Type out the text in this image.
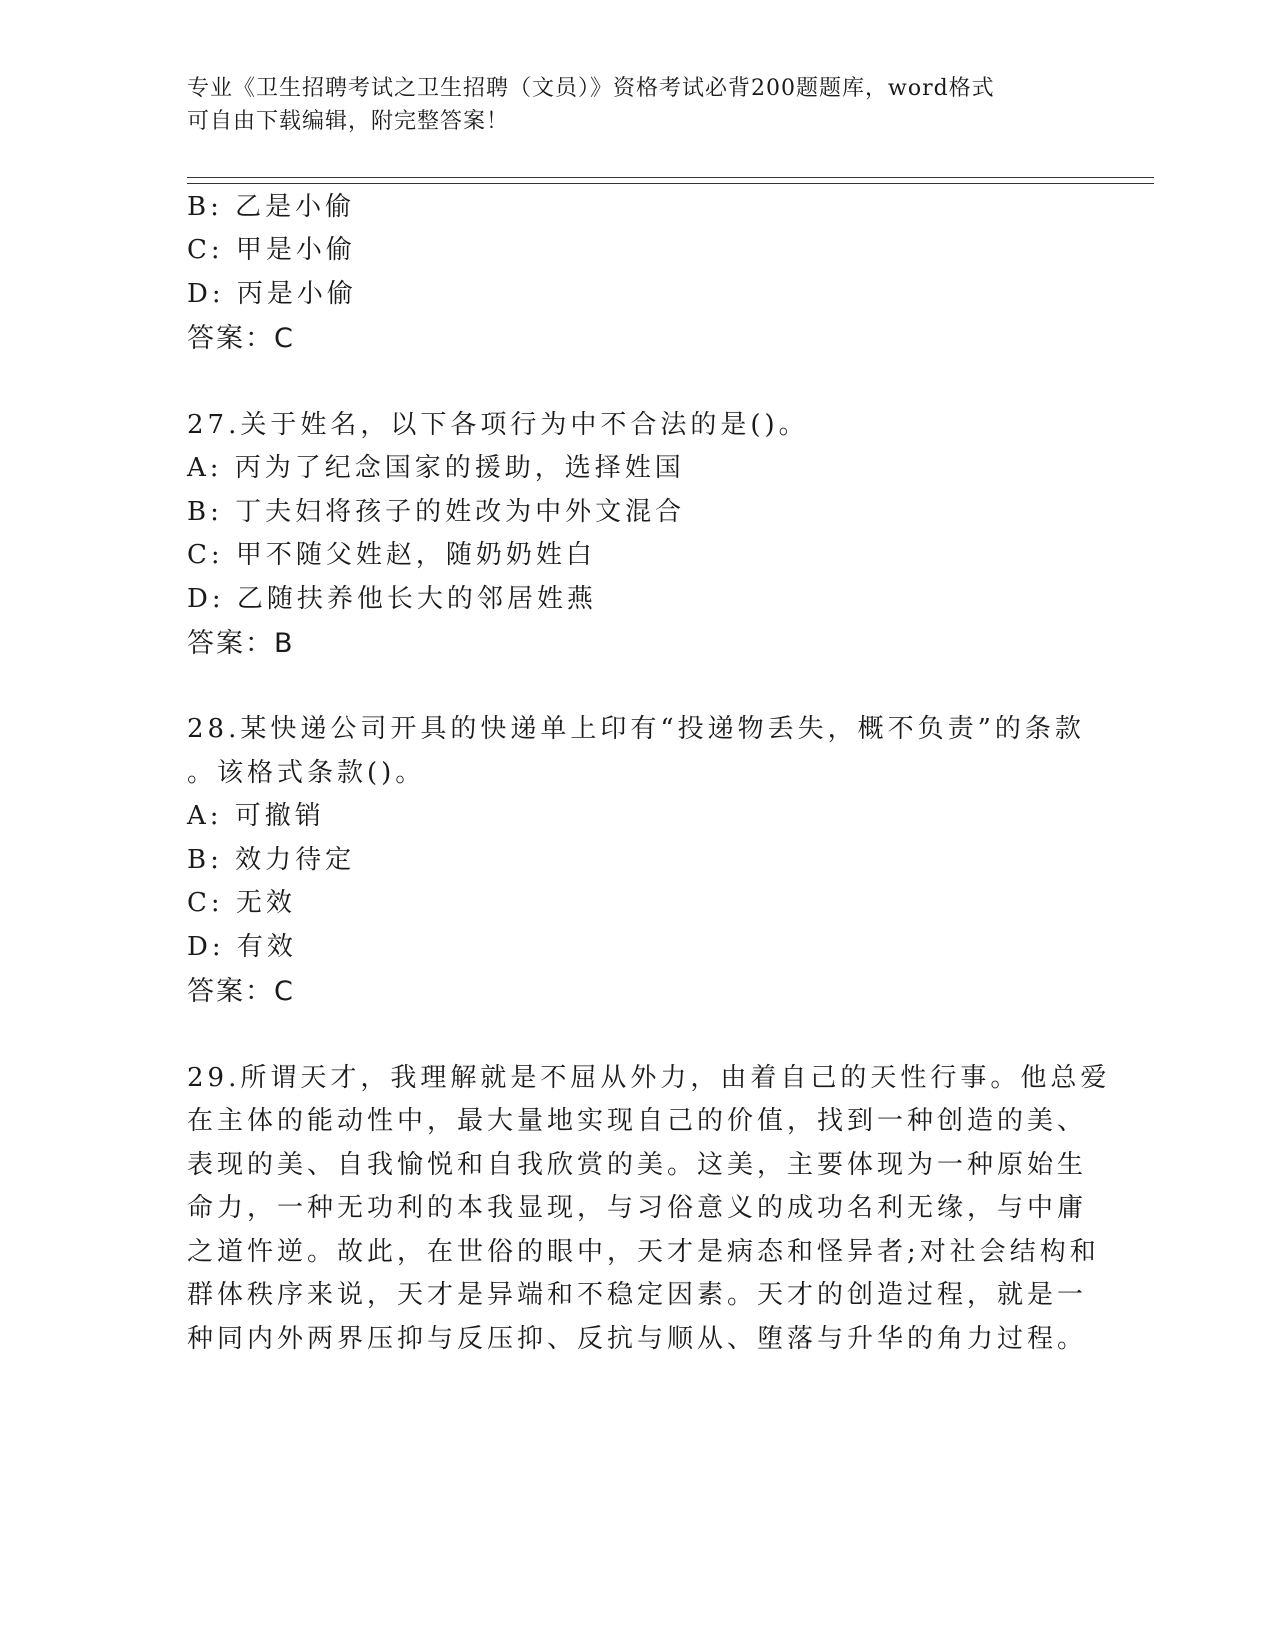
专业《卫生招聘考试之卫生招聘（文员）》资格考试必背200题题库，word格式
可自由下载编辑，附完整答案！
B: 乙是小偷
C: 甲是小偷
D: 丙是小偷
答案：C
27.关于姓名，以下各项行为中不合法的是()。
A: 丙为了纪念国家的援助，选择姓国
B: 丁夫妇将孩子的姓改为中外文混合
C: 甲不随父姓赵，随奶奶姓白
D: 乙随扶养他长大的邻居姓燕
答案：B
28.某快递公司开具的快递单上印有“投递物丢失，概不负责”的条款
。该格式条款()。
A: 可撤销
B: 效力待定
C: 无效
D: 有效
答案：C
29.所谓天才，我理解就是不屈从外力，由着自己的天性行事。他总爱
在主体的能动性中，最大量地实现自己的价值，找到一种创造的美、
表现的美、自我愉悦和自我欣赏的美。这美，主要体现为一种原始生
命力，一种无功利的本我显现，与习俗意义的成功名利无缘，与中庸
之道忤逆。故此，在世俗的眼中，天才是病态和怪异者;对社会结构和
群体秩序来说，天才是异端和不稳定因素。天才的创造过程，就是一
种同内外两界压抑与反压抑、反抗与顺从、堕落与升华的角力过程。
